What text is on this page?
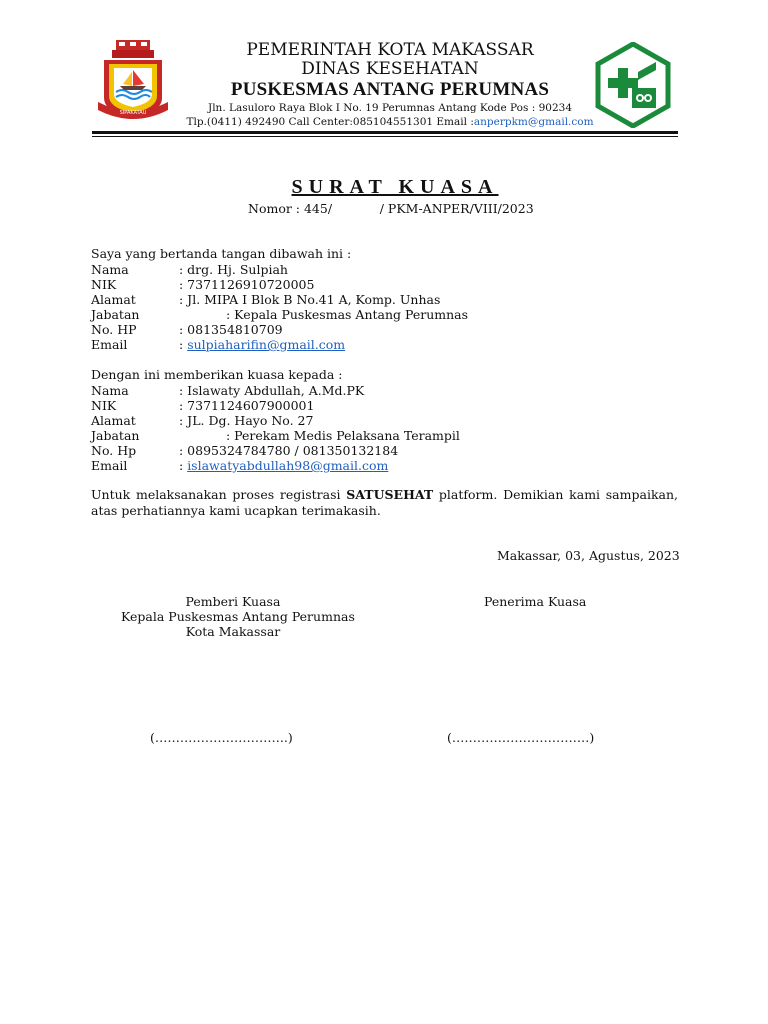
SIPAKATAU
PEMERINTAH KOTA MAKASSAR
DINAS KESEHATAN
PUSKESMAS ANTANG PERUMNAS
Jln. Lasuloro Raya Blok I No. 19 Perumnas Antang Kode Pos : 90234
Tlp.(0411) 492490 Call Center:085104551301 Email :anperpkm@gmail.com
SURAT KUASA
Nomor : 445/            / PKM-ANPER/VIII/2023
Saya yang bertanda tangan dibawah ini :
Nama	: drg. Hj. Sulpiah
NIK	: 7371126910720005
Alamat	: Jl. MIPA I Blok B No.41 A, Komp. Unhas
Jabatan	: Kepala Puskesmas Antang Perumnas
No. HP	: 081354810709
Email	: sulpiaharifin@gmail.com
Dengan ini memberikan kuasa kepada :
Nama	: Islawaty Abdullah, A.Md.PK
NIK	: 7371124607900001
Alamat	: JL. Dg. Hayo No. 27
Jabatan	: Perekam Medis Pelaksana Terampil
No. Hp	: 0895324784780 / 081350132184
Email	: islawatyabdullah98@gmail.com
Untuk melaksanakan proses registrasi SATUSEHAT platform. Demikian kami sampaikan, atas perhatiannya kami ucapkan terimakasih.
Makassar, 03, Agustus, 2023
Pemberi Kuasa
Kepala Puskesmas Antang Perumnas
Kota Makassar
Penerima Kuasa
(…………………………..)	(……………………………)
